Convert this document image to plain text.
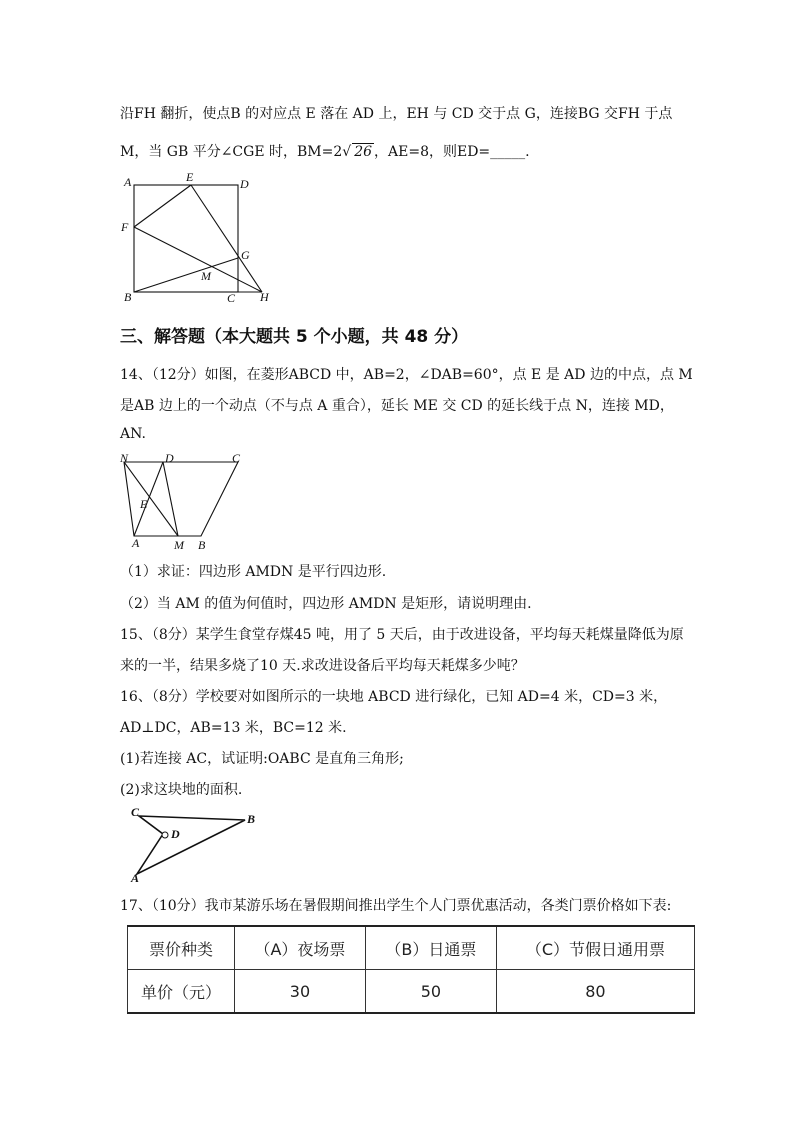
沿FH 翻折，使点B 的对应点 E 落在 AD 上，EH 与 CD 交于点 G，连接BG 交FH 于点
M，当 GB 平分∠CGE 时，BM=2√ 26 ，AE=8，则ED=_____.
A	E	D
F
G
M
B	C H
三、解答题（本大题共 5 个小题，共 48 分）
14、（12分）如图，在菱形ABCD 中，AB=2，∠DAB=60°，点 E 是 AD 边的中点，点 M
是AB 边上的一个动点（不与点 A 重合），延长 ME 交 CD 的延长线于点 N，连接 MD，
AN.
N	D	C
E
A	M B
（1）求证：四边形 AMDN 是平行四边形.
（2）当 AM 的值为何值时，四边形 AMDN 是矩形，请说明理由.
15、（8分）某学生食堂存煤45 吨，用了 5 天后，由于改进设备，平均每天耗煤量降低为原
来的一半，结果多烧了10 天.求改进设备后平均每天耗煤多少吨？
16、（8分）学校要对如图所示的一块地 ABCD 进行绿化，已知 AD=4 米，CD=3 米，
AD⊥DC，AB=13 米，BC=12 米.
(1)若连接 AC，试证明:OABC 是直角三角形;
(2)求这块地的面积.
C
D
B
A
17、（10分）我市某游乐场在暑假期间推出学生个人门票优惠活动，各类门票价格如下表:
票价种类	（A）夜场票	（B）日通票	（C）节假日通用票
单价（元）	30	50	80
